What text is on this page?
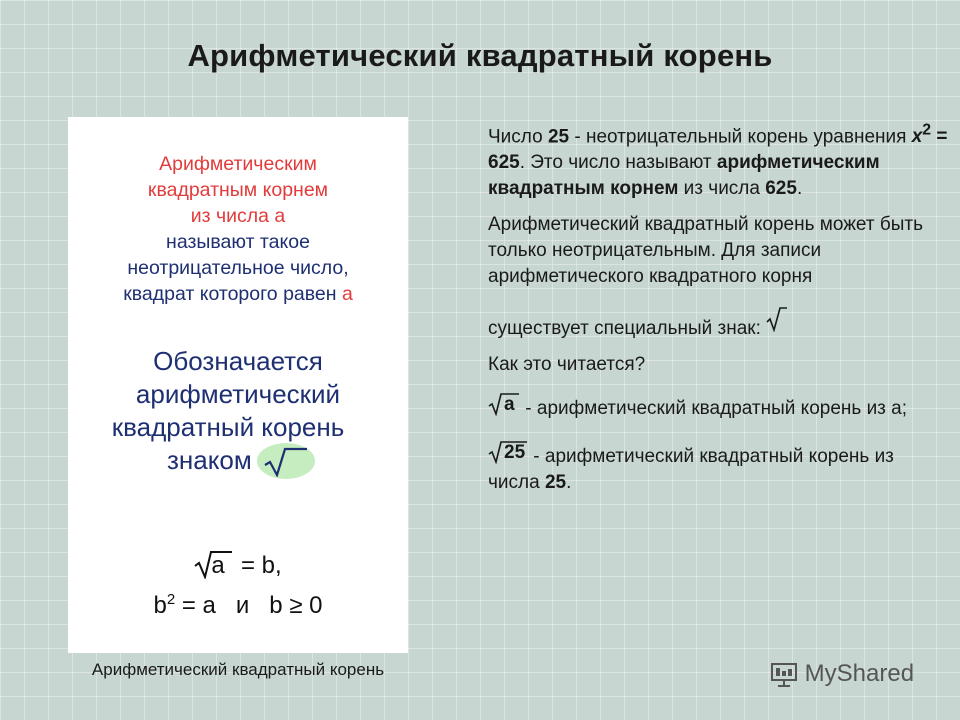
Арифметический квадратный корень
Арифметическим
квадратным корнем
из числа а
называют такое
неотрицательное число,
квадрат которого равен а
Обозначается
арифметический
квадратный корень
знаком
a = b,
$b^2 = a$   и   b ≥ 0
Арифметический квадратный корень

Число 25 - неотрицательный корень уравнения $x^2 = 625$. Это число называют арифметическим квадратным корнем из числа 625.

Арифметический квадратный корень может быть только неотрицательным. Для записи арифметического квадратного корня

существует специальный знак:

Как это читается?

a - арифметический квадратный корень из а;

25 - арифметический квадратный корень из числа 25.

MyShared
